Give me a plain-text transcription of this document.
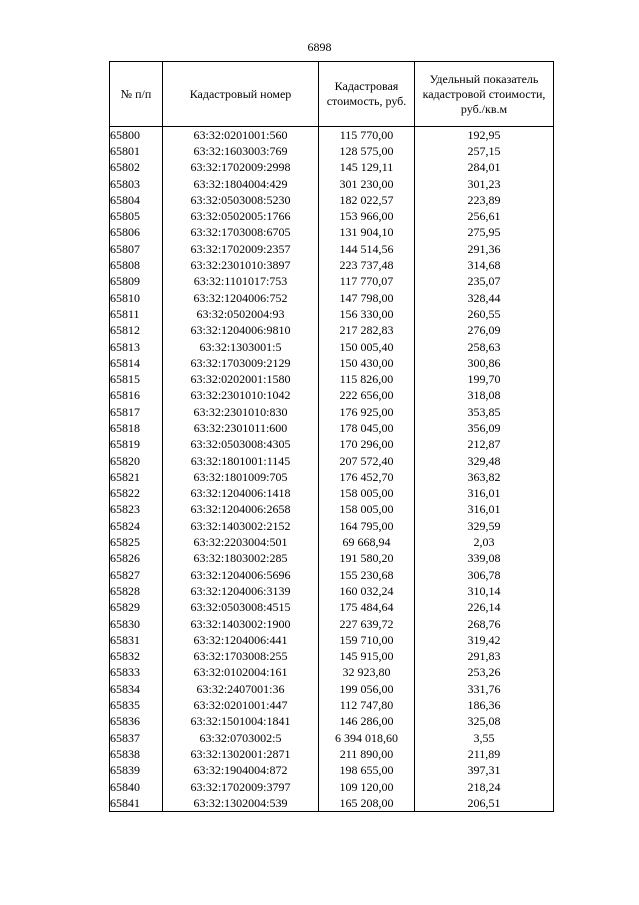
6898
№ п/п	Кадастровый номер	Кадастровая стоимость, руб.	Удельный показатель кадастровой стоимости, руб./кв.м
65800	63:32:0201001:560	115 770,00	192,95
65801	63:32:1603003:769	128 575,00	257,15
65802	63:32:1702009:2998	145 129,11	284,01
65803	63:32:1804004:429	301 230,00	301,23
65804	63:32:0503008:5230	182 022,57	223,89
65805	63:32:0502005:1766	153 966,00	256,61
65806	63:32:1703008:6705	131 904,10	275,95
65807	63:32:1702009:2357	144 514,56	291,36
65808	63:32:2301010:3897	223 737,48	314,68
65809	63:32:1101017:753	117 770,07	235,07
65810	63:32:1204006:752	147 798,00	328,44
65811	63:32:0502004:93	156 330,00	260,55
65812	63:32:1204006:9810	217 282,83	276,09
65813	63:32:1303001:5	150 005,40	258,63
65814	63:32:1703009:2129	150 430,00	300,86
65815	63:32:0202001:1580	115 826,00	199,70
65816	63:32:2301010:1042	222 656,00	318,08
65817	63:32:2301010:830	176 925,00	353,85
65818	63:32:2301011:600	178 045,00	356,09
65819	63:32:0503008:4305	170 296,00	212,87
65820	63:32:1801001:1145	207 572,40	329,48
65821	63:32:1801009:705	176 452,70	363,82
65822	63:32:1204006:1418	158 005,00	316,01
65823	63:32:1204006:2658	158 005,00	316,01
65824	63:32:1403002:2152	164 795,00	329,59
65825	63:32:2203004:501	69 668,94	2,03
65826	63:32:1803002:285	191 580,20	339,08
65827	63:32:1204006:5696	155 230,68	306,78
65828	63:32:1204006:3139	160 032,24	310,14
65829	63:32:0503008:4515	175 484,64	226,14
65830	63:32:1403002:1900	227 639,72	268,76
65831	63:32:1204006:441	159 710,00	319,42
65832	63:32:1703008:255	145 915,00	291,83
65833	63:32:0102004:161	32 923,80	253,26
65834	63:32:2407001:36	199 056,00	331,76
65835	63:32:0201001:447	112 747,80	186,36
65836	63:32:1501004:1841	146 286,00	325,08
65837	63:32:0703002:5	6 394 018,60	3,55
65838	63:32:1302001:2871	211 890,00	211,89
65839	63:32:1904004:872	198 655,00	397,31
65840	63:32:1702009:3797	109 120,00	218,24
65841	63:32:1302004:539	165 208,00	206,51
